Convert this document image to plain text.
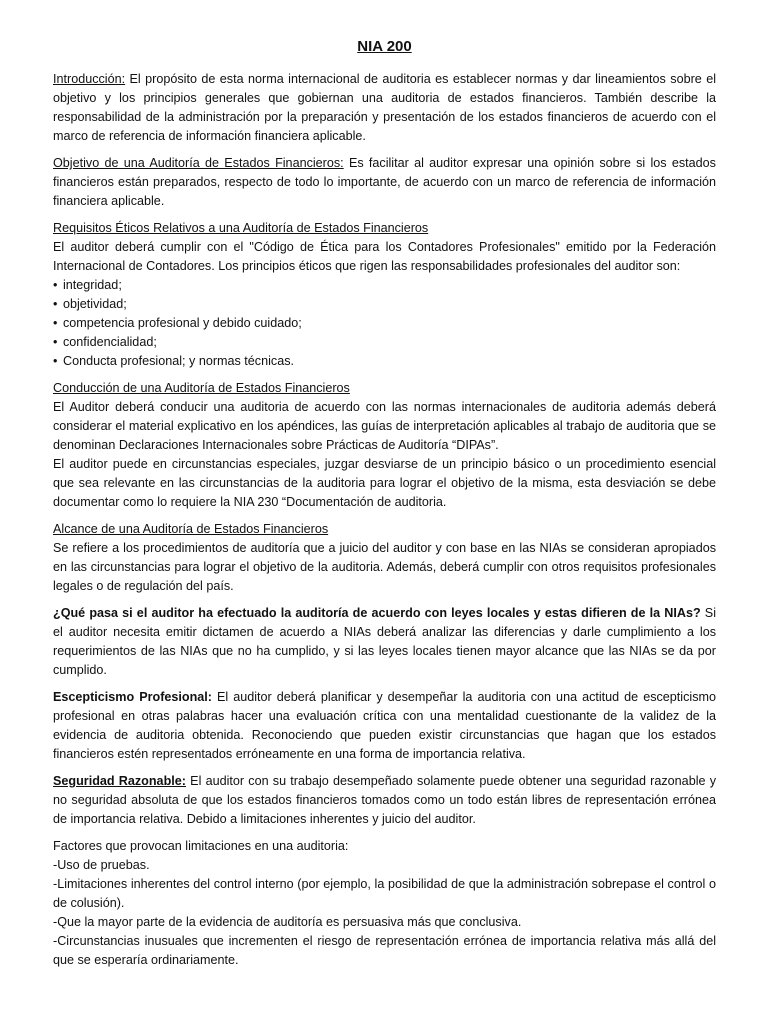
NIA 200

Introducción: El propósito de esta norma internacional de auditoria es establecer normas y dar lineamientos sobre el objetivo y los principios generales que gobiernan una auditoria de estados financieros. También describe la responsabilidad de la administración por la preparación y presentación de los estados financieros de acuerdo con el marco de referencia de información financiera aplicable.

Objetivo de una Auditoría de Estados Financieros: Es facilitar al auditor expresar una opinión sobre si los estados financieros están preparados, respecto de todo lo importante, de acuerdo con un marco de referencia de información financiera aplicable.

Requisitos Éticos Relativos a una Auditoría de Estados Financieros

El auditor deberá cumplir con el "Código de Ética para los Contadores Profesionales" emitido por la Federación Internacional de Contadores. Los principios éticos que rigen las responsabilidades profesionales del auditor son:

• integridad;
• objetividad;
• competencia profesional y debido cuidado;
• confidencialidad;
• Conducta profesional; y normas técnicas.

Conducción de una Auditoría de Estados Financieros

El Auditor deberá conducir una auditoria de acuerdo con las normas internacionales de auditoria además deberá considerar el material explicativo en los apéndices, las guías de interpretación aplicables al trabajo de auditoria que se denominan Declaraciones Internacionales sobre Prácticas de Auditoría “DIPAs”.

El auditor puede en circunstancias especiales, juzgar desviarse de un principio básico o un procedimiento esencial que sea relevante en las circunstancias de la auditoria para lograr el objetivo de la misma, esta desviación se debe documentar como lo requiere la NIA 230 “Documentación de auditoria.

Alcance de una Auditoría de Estados Financieros

Se refiere a los procedimientos de auditoría que a juicio del auditor y con base en las NIAs se consideran apropiados en las circunstancias para lograr el objetivo de la auditoria. Además, deberá cumplir con otros requisitos profesionales legales o de regulación del país.

¿Qué pasa si el auditor ha efectuado la auditoría de acuerdo con leyes locales y estas difieren de la NIAs? Si el auditor necesita emitir dictamen de acuerdo a NIAs deberá analizar las diferencias y darle cumplimiento a los requerimientos de las NIAs que no ha cumplido, y si las leyes locales tienen mayor alcance que las NIAs se da por cumplido.

Escepticismo Profesional: El auditor deberá planificar y desempeñar la auditoria con una actitud de escepticismo profesional en otras palabras hacer una evaluación crítica con una mentalidad cuestionante de la validez de la evidencia de auditoria obtenida. Reconociendo que pueden existir circunstancias que hagan que los estados financieros estén representados erróneamente en una forma de importancia relativa.

Seguridad Razonable: El auditor con su trabajo desempeñado solamente puede obtener una seguridad razonable y no seguridad absoluta de que los estados financieros tomados como un todo están libres de representación errónea de importancia relativa. Debido a limitaciones inherentes y juicio del auditor.

Factores que provocan limitaciones en una auditoria:

-Uso de pruebas.

-Limitaciones inherentes del control interno (por ejemplo, la posibilidad de que la administración sobrepase el control o de colusión).

-Que la mayor parte de la evidencia de auditoría es persuasiva más que conclusiva.

-Circunstancias inusuales que incrementen el riesgo de representación errónea de importancia relativa más allá del que se esperaría ordinariamente.
